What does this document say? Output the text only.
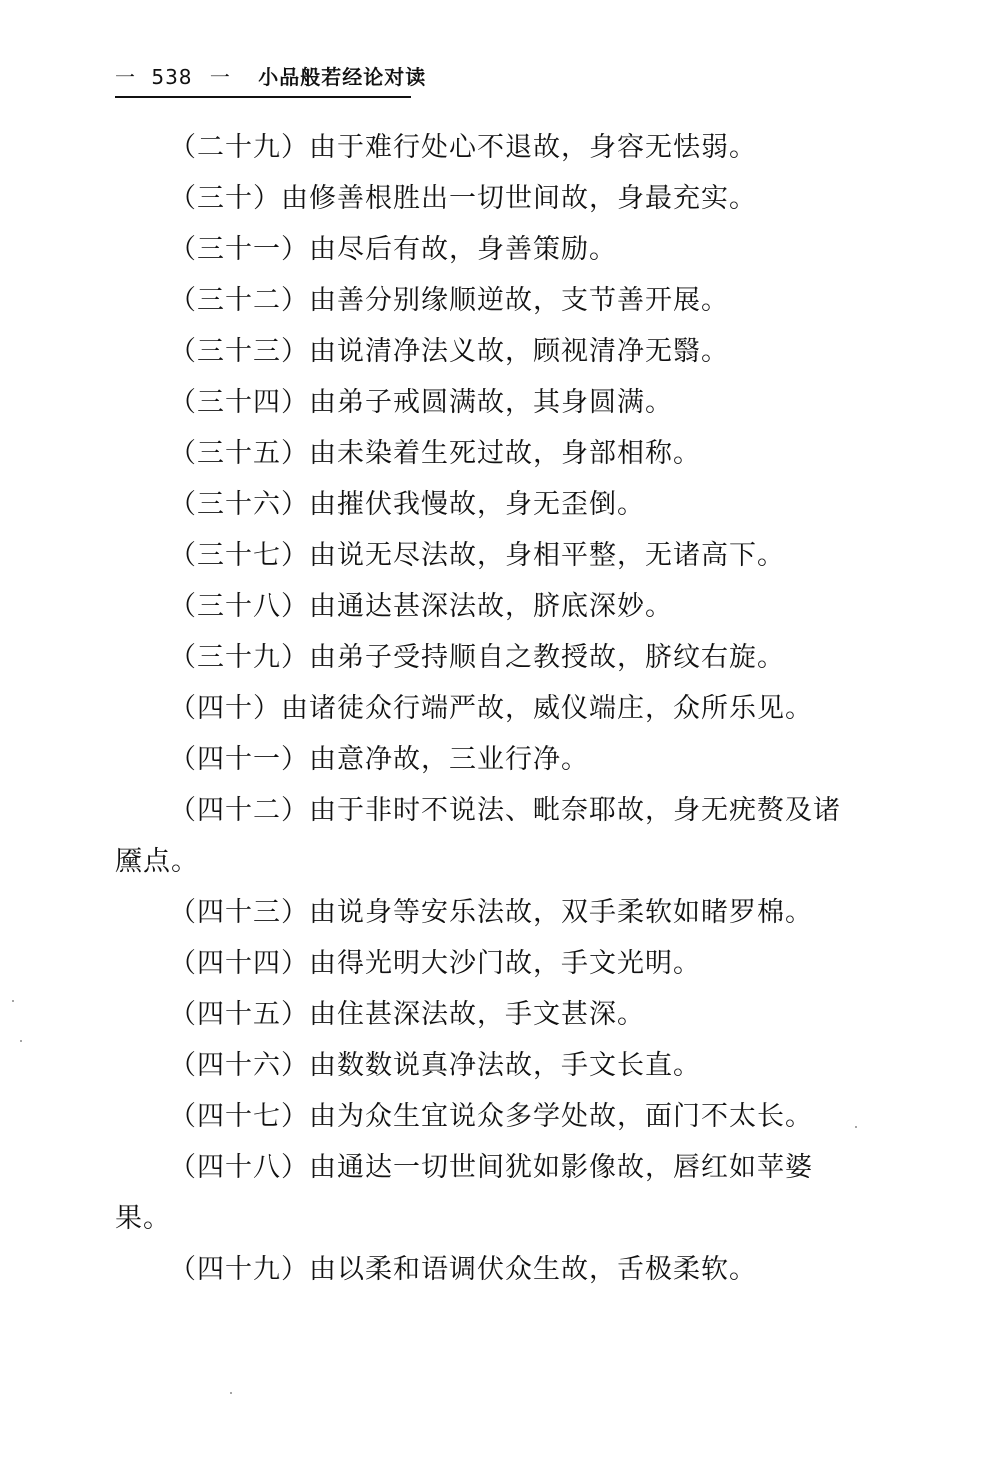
一 538 一 小品般若经论对读

（二十九）由于难行处心不退故，身容无怯弱。

（三十）由修善根胜出一切世间故，身最充实。

（三十一）由尽后有故，身善策励。

（三十二）由善分别缘顺逆故，支节善开展。

（三十三）由说清净法义故，顾视清净无翳。

（三十四）由弟子戒圆满故，其身圆满。

（三十五）由未染着生死过故，身部相称。

（三十六）由摧伏我慢故，身无歪倒。

（三十七）由说无尽法故，身相平整，无诸高下。

（三十八）由通达甚深法故，脐底深妙。

（三十九）由弟子受持顺自之教授故，脐纹右旋。

（四十）由诸徒众行端严故，威仪端庄，众所乐见。

（四十一）由意净故，三业行净。

（四十二）由于非时不说法、毗奈耶故，身无疣赘及诸黡点。

（四十三）由说身等安乐法故，双手柔软如睹罗棉。

（四十四）由得光明大沙门故，手文光明。

（四十五）由住甚深法故，手文甚深。

（四十六）由数数说真净法故，手文长直。

（四十七）由为众生宜说众多学处故，面门不太长。

（四十八）由通达一切世间犹如影像故，唇红如苹婆果。

（四十九）由以柔和语调伏众生故，舌极柔软。
